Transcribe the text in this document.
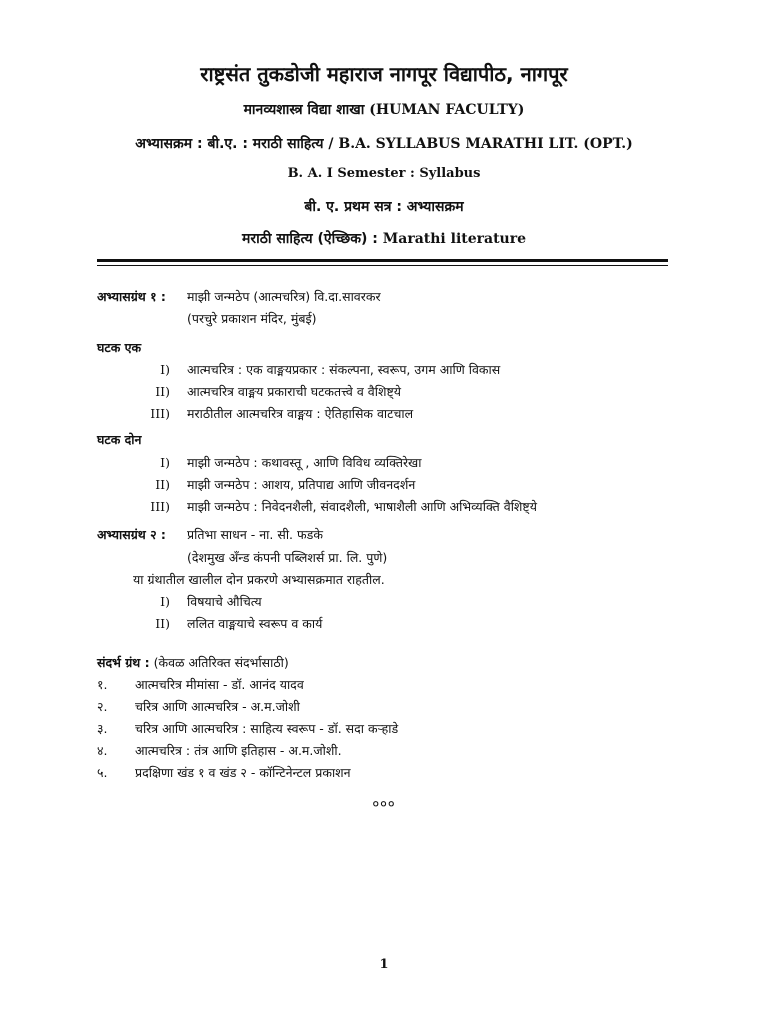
राष्ट्रसंत तुकडोजी महाराज नागपूर विद्यापीठ, नागपूर
मानव्यशास्त्र विद्या शाखा (HUMAN FACULTY)
अभ्यासक्रम : बी.ए. : मराठी साहित्य / B.A. SYLLABUS MARATHI LIT. (OPT.)
B. A. I Semester : Syllabus
बी. ए. प्रथम सत्र : अभ्यासक्रम
मराठी साहित्य (ऐच्छिक) : Marathi literature
अभ्यासग्रंथ १ : माझी जन्मठेप (आत्मचरित्र) वि.दा.सावरकर
(परचुरे प्रकाशन मंदिर, मुंबई)
घटक एक
I) आत्मचरित्र : एक वाङ्मयप्रकार : संकल्पना, स्वरूप, उगम आणि विकास
II) आत्मचरित्र वाङ्मय प्रकाराची घटकतत्त्वे व वैशिष्ट्ये
III) मराठीतील आत्मचरित्र वाङ्मय : ऐतिहासिक वाटचाल
घटक दोन
I) माझी जन्मठेप : कथावस्तू , आणि विविध व्यक्तिरेखा
II) माझी जन्मठेप : आशय, प्रतिपाद्य आणि जीवनदर्शन
III) माझी जन्मठेप : निवेदनशैली, संवादशैली, भाषाशैली आणि अभिव्यक्ति वैशिष्ट्ये
अभ्यासग्रंथ २ : प्रतिभा साधन - ना. सी. फडके
(देशमुख अँन्ड कंपनी पब्लिशर्स प्रा. लि. पुणे)
या ग्रंथातील खालील दोन प्रकरणे अभ्यासक्रमात राहतील.
I) विषयाचे औचित्य
II) ललित वाङ्मयाचे स्वरूप व कार्य
संदर्भ ग्रंथ : (केवळ अतिरिक्त संदर्भासाठी)
१. आत्मचरित्र मीमांसा - डॉ. आनंद यादव
२. चरित्र आणि आत्मचरित्र - अ.म.जोशी
३. चरित्र आणि आत्मचरित्र : साहित्य स्वरूप - डॉ. सदा कऱ्हाडे
४. आत्मचरित्र : तंत्र आणि इतिहास - अ.म.जोशी.
५. प्रदक्षिणा खंड १ व खंड २ - कॉन्टिनेन्टल प्रकाशन
०००
1
